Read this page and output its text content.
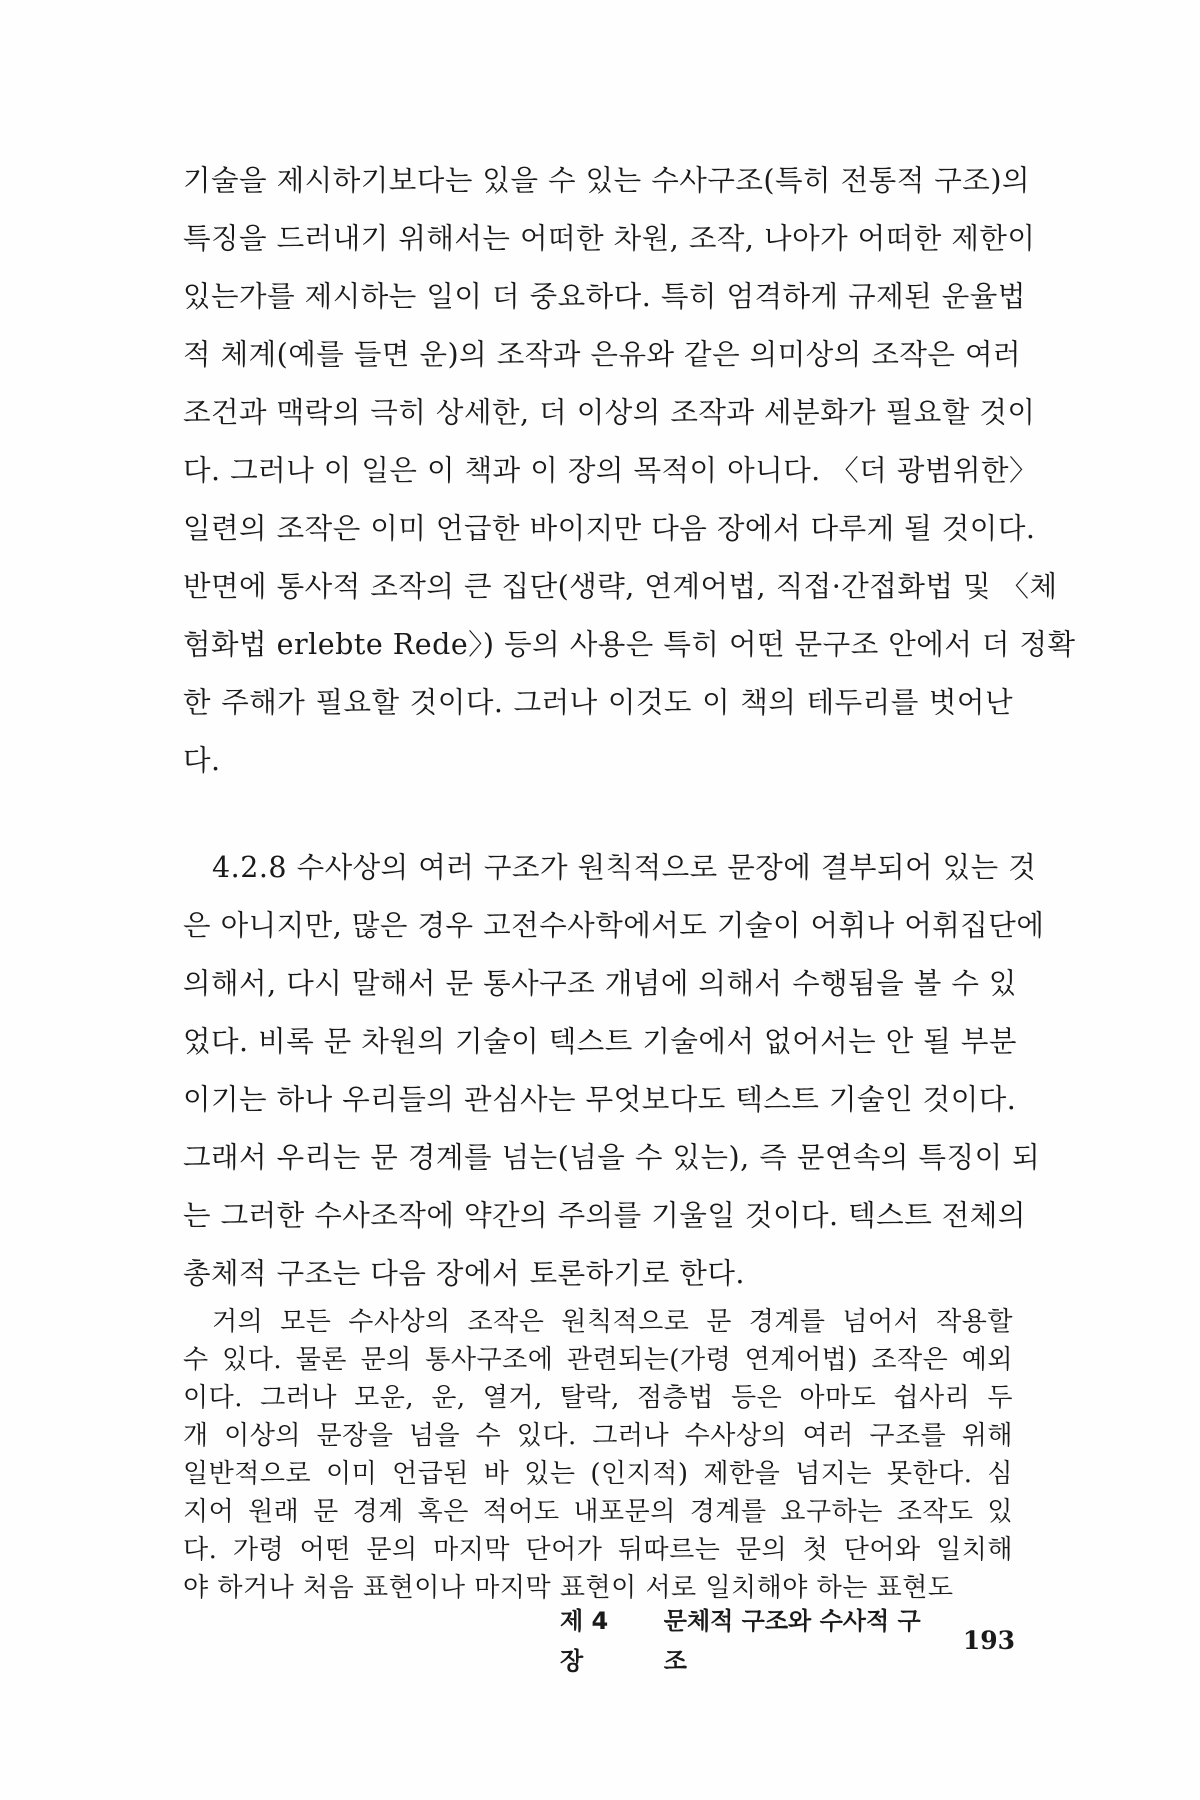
기술을 제시하기보다는 있을 수 있는 수사구조(특히 전통적 구조)의
특징을 드러내기 위해서는 어떠한 차원, 조작, 나아가 어떠한 제한이
있는가를 제시하는 일이 더 중요하다. 특히 엄격하게 규제된 운율법
적 체계(예를 들면 운)의 조작과 은유와 같은 의미상의 조작은 여러
조건과 맥락의 극히 상세한, 더 이상의 조작과 세분화가 필요할 것이
다. 그러나 이 일은 이 책과 이 장의 목적이 아니다. 〈더 광범위한〉
일련의 조작은 이미 언급한 바이지만 다음 장에서 다루게 될 것이다.
반면에 통사적 조작의 큰 집단(생략, 연계어법, 직접·간접화법 및 〈체
험화법 erlebte Rede〉) 등의 사용은 특히 어떤 문구조 안에서 더 정확
한 주해가 필요할 것이다. 그러나 이것도 이 책의 테두리를 벗어난
다.
4.2.8 수사상의 여러 구조가 원칙적으로 문장에 결부되어 있는 것
은 아니지만, 많은 경우 고전수사학에서도 기술이 어휘나 어휘집단에
의해서, 다시 말해서 문 통사구조 개념에 의해서 수행됨을 볼 수 있
었다. 비록 문 차원의 기술이 텍스트 기술에서 없어서는 안 될 부분
이기는 하나 우리들의 관심사는 무엇보다도 텍스트 기술인 것이다.
그래서 우리는 문 경계를 넘는(넘을 수 있는), 즉 문연속의 특징이 되
는 그러한 수사조작에 약간의 주의를 기울일 것이다. 텍스트 전체의
총체적 구조는 다음 장에서 토론하기로 한다.
거의 모든 수사상의 조작은 원칙적으로 문 경계를 넘어서 작용할
수 있다. 물론 문의 통사구조에 관련되는(가령 연계어법) 조작은 예외
이다. 그러나 모운, 운, 열거, 탈락, 점층법 등은 아마도 쉽사리 두
개 이상의 문장을 넘을 수 있다. 그러나 수사상의 여러 구조를 위해
일반적으로 이미 언급된 바 있는 (인지적) 제한을 넘지는 못한다. 심
지어 원래 문 경계 혹은 적어도 내포문의 경계를 요구하는 조작도 있
다. 가령 어떤 문의 마지막 단어가 뒤따르는 문의 첫 단어와 일치해
야 하거나 처음 표현이나 마지막 표현이 서로 일치해야 하는 표현도
제 4 장
문체적 구조와 수사적 구조
193
